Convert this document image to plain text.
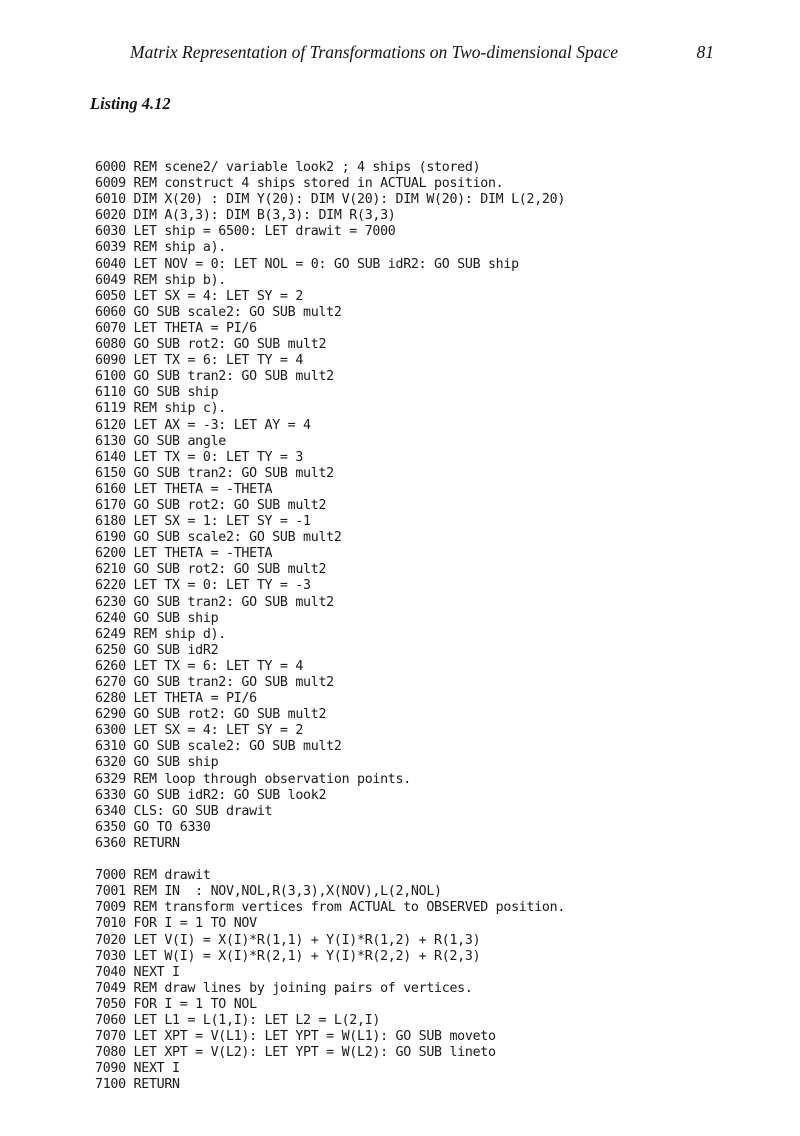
Matrix Representation of Transformations on Two-dimensional Space	81
Listing 4.12
6000 REM scene2/ variable look2 ; 4 ships (stored)
6009 REM construct 4 ships stored in ACTUAL position.
6010 DIM X(20) : DIM Y(20): DIM V(20): DIM W(20): DIM L(2,20)
6020 DIM A(3,3): DIM B(3,3): DIM R(3,3)
6030 LET ship = 6500: LET drawit = 7000
6039 REM ship a).
6040 LET NOV = 0: LET NOL = 0: GO SUB idR2: GO SUB ship
6049 REM ship b).
6050 LET SX = 4: LET SY = 2
6060 GO SUB scale2: GO SUB mult2
6070 LET THETA = PI/6
6080 GO SUB rot2: GO SUB mult2
6090 LET TX = 6: LET TY = 4
6100 GO SUB tran2: GO SUB mult2
6110 GO SUB ship
6119 REM ship c).
6120 LET AX = -3: LET AY = 4
6130 GO SUB angle
6140 LET TX = 0: LET TY = 3
6150 GO SUB tran2: GO SUB mult2
6160 LET THETA = -THETA
6170 GO SUB rot2: GO SUB mult2
6180 LET SX = 1: LET SY = -1
6190 GO SUB scale2: GO SUB mult2
6200 LET THETA = -THETA
6210 GO SUB rot2: GO SUB mult2
6220 LET TX = 0: LET TY = -3
6230 GO SUB tran2: GO SUB mult2
6240 GO SUB ship
6249 REM ship d).
6250 GO SUB idR2
6260 LET TX = 6: LET TY = 4
6270 GO SUB tran2: GO SUB mult2
6280 LET THETA = PI/6
6290 GO SUB rot2: GO SUB mult2
6300 LET SX = 4: LET SY = 2
6310 GO SUB scale2: GO SUB mult2
6320 GO SUB ship
6329 REM loop through observation points.
6330 GO SUB idR2: GO SUB look2
6340 CLS: GO SUB drawit
6350 GO TO 6330
6360 RETURN

7000 REM drawit
7001 REM IN  : NOV,NOL,R(3,3),X(NOV),L(2,NOL)
7009 REM transform vertices from ACTUAL to OBSERVED position.
7010 FOR I = 1 TO NOV
7020 LET V(I) = X(I)*R(1,1) + Y(I)*R(1,2) + R(1,3)
7030 LET W(I) = X(I)*R(2,1) + Y(I)*R(2,2) + R(2,3)
7040 NEXT I
7049 REM draw lines by joining pairs of vertices.
7050 FOR I = 1 TO NOL
7060 LET L1 = L(1,I): LET L2 = L(2,I)
7070 LET XPT = V(L1): LET YPT = W(L1): GO SUB moveto
7080 LET XPT = V(L2): LET YPT = W(L2): GO SUB lineto
7090 NEXT I
7100 RETURN
